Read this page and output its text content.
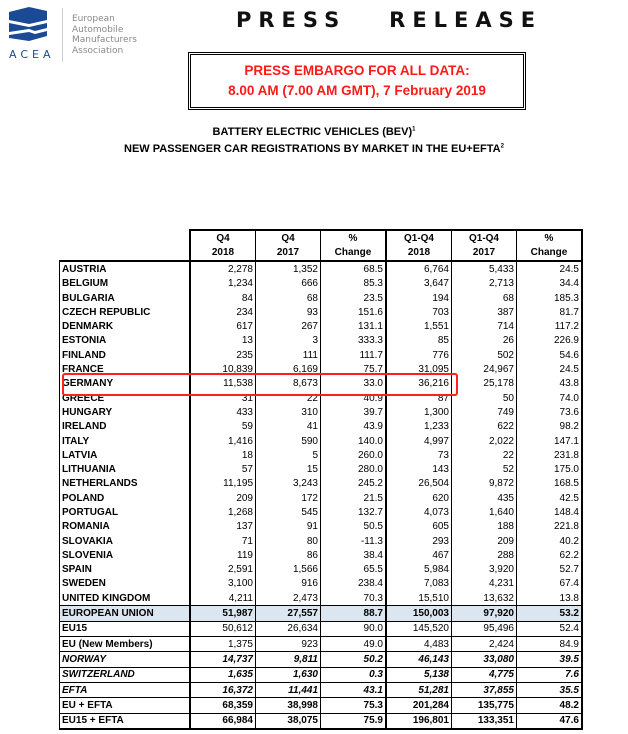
ACEA
European
Automobile
Manufacturers
Association
PRESS   RELEASE
PRESS EMBARGO FOR ALL DATA:
8.00 AM (7.00 AM GMT), 7 February 2019
BATTERY ELECTRIC VEHICLES (BEV)$^1$
NEW PASSENGER CAR REGISTRATIONS BY MARKET IN THE $EU+EFTA^2$
	Q4	Q4	%	Q1-Q4	Q1-Q4	%
	2018	2017	Change	2018	2017	Change
AUSTRIA	2,278	1,352	68.5	6,764	5,433	24.5
BELGIUM	1,234	666	85.3	3,647	2,713	34.4
BULGARIA	84	68	23.5	194	68	185.3
CZECH REPUBLIC	234	93	151.6	703	387	81.7
DENMARK	617	267	131.1	1,551	714	117.2
ESTONIA	13	3	333.3	85	26	226.9
FINLAND	235	111	111.7	776	502	54.6
FRANCE	10,839	6,169	75.7	31,095	24,967	24.5
GERMANY	11,538	8,673	33.0	36,216	25,178	43.8
GREECE	31	22	40.9	87	50	74.0
HUNGARY	433	310	39.7	1,300	749	73.6
IRELAND	59	41	43.9	1,233	622	98.2
ITALY	1,416	590	140.0	4,997	2,022	147.1
LATVIA	18	5	260.0	73	22	231.8
LITHUANIA	57	15	280.0	143	52	175.0
NETHERLANDS	11,195	3,243	245.2	26,504	9,872	168.5
POLAND	209	172	21.5	620	435	42.5
PORTUGAL	1,268	545	132.7	4,073	1,640	148.4
ROMANIA	137	91	50.5	605	188	221.8
SLOVAKIA	71	80	-11.3	293	209	40.2
SLOVENIA	119	86	38.4	467	288	62.2
SPAIN	2,591	1,566	65.5	5,984	3,920	52.7
SWEDEN	3,100	916	238.4	7,083	4,231	67.4
UNITED KINGDOM	4,211	2,473	70.3	15,510	13,632	13.8
EUROPEAN UNION	51,987	27,557	88.7	150,003	97,920	53.2
EU15	50,612	26,634	90.0	145,520	95,496	52.4
EU (New Members)	1,375	923	49.0	4,483	2,424	84.9
NORWAY	14,737	9,811	50.2	46,143	33,080	39.5
SWITZERLAND	1,635	1,630	0.3	5,138	4,775	7.6
EFTA	16,372	11,441	43.1	51,281	37,855	35.5
EU + EFTA	68,359	38,998	75.3	201,284	135,775	48.2
EU15 + EFTA	66,984	38,075	75.9	196,801	133,351	47.6
